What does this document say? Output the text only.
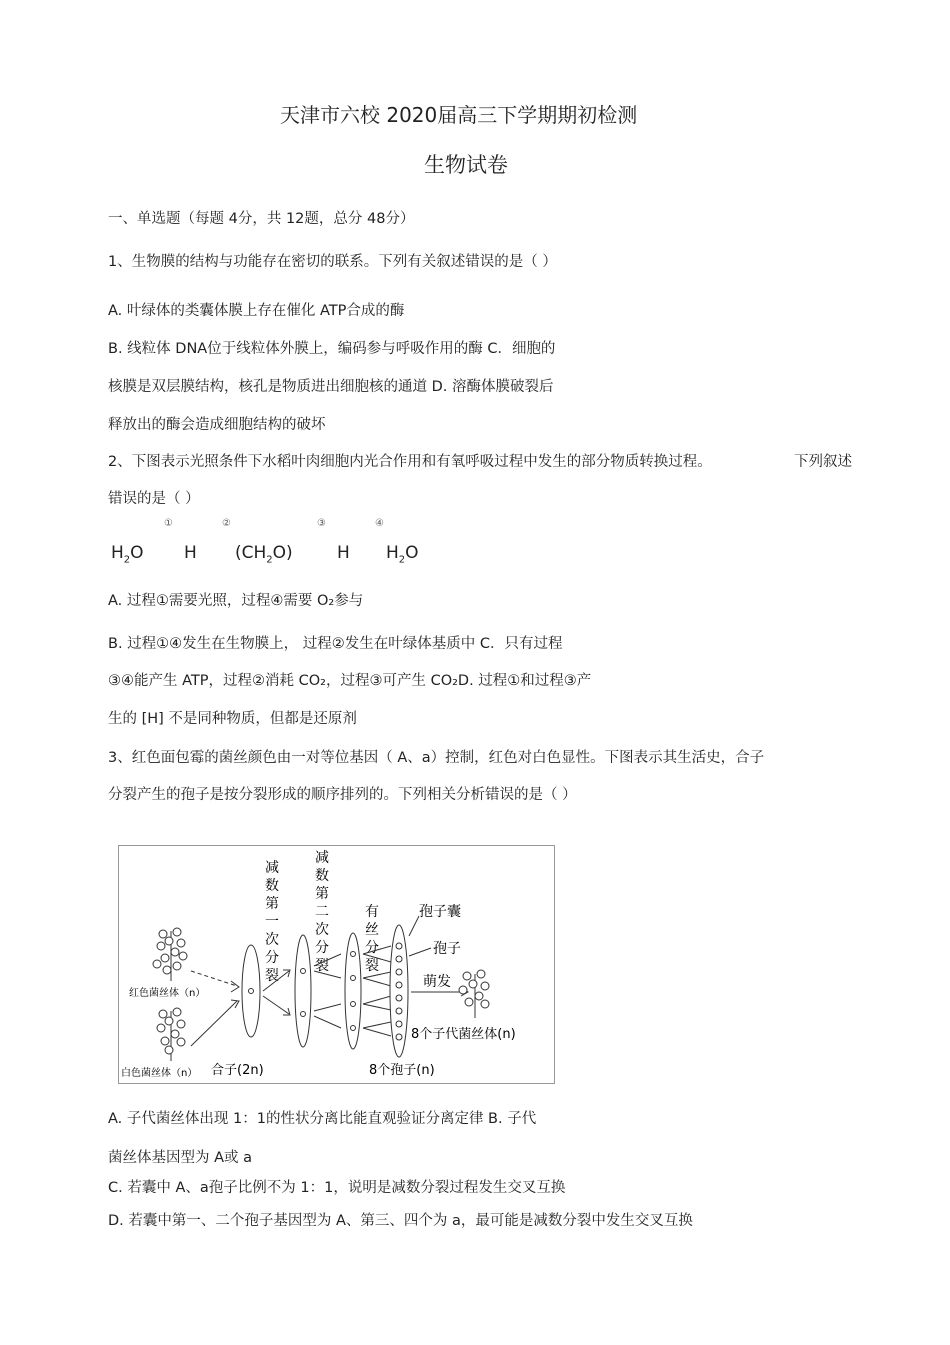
天津市六校 2020届高三下学期期初检测
生物试卷
一、单选题（每题 4分，共 12题，总分 48分）
1、生物膜的结构与功能存在密切的联系。下列有关叙述错误的是（ ）
A. 叶绿体的类囊体膜上存在催化 ATP合成的酶
B. 线粒体 DNA位于线粒体外膜上，编码参与呼吸作用的酶 C．细胞的
核膜是双层膜结构，核孔是物质进出细胞核的通道 D. 溶酶体膜破裂后
释放出的酶会造成细胞结构的破坏
2、下图表示光照条件下水稻叶肉细胞内光合作用和有氧呼吸过程中发生的部分物质转换过程。	下列叙述
错误的是（ ）
①	②	③	④
$H_2O$ H $(CH_2O)$	H $H_2O$
A. 过程①需要光照，过程④需要 O₂参与
B. 过程①④发生在生物膜上， 过程②发生在叶绿体基质中 C．只有过程
③④能产生 ATP，过程②消耗 CO₂，过程③可产生 CO₂D. 过程①和过程③产
生的 [H] 不是同种物质，但都是还原剂
3、红色面包霉的菌丝颜色由一对等位基因（ A、a）控制，红色对白色显性。下图表示其生活史，合子
分裂产生的孢子是按分裂形成的顺序排列的。下列相关分析错误的是（ ）
红色菌丝体（n）
白色菌丝体（n） 合子(2n)
减
数
第
一
次
分
裂
减
数
第
二
次
分
裂
有
丝
分
裂
8个孢子(n)
孢子囊
孢子
萌发
8个子代菌丝体(n)
A. 子代菌丝体出现 1：1的性状分离比能直观验证分离定律 B. 子代
菌丝体基因型为 A或 a
C. 若囊中 A、a孢子比例不为 1：1，说明是减数分裂过程发生交叉互换
D. 若囊中第一、二个孢子基因型为 A、第三、四个为 a，最可能是减数分裂中发生交叉互换
